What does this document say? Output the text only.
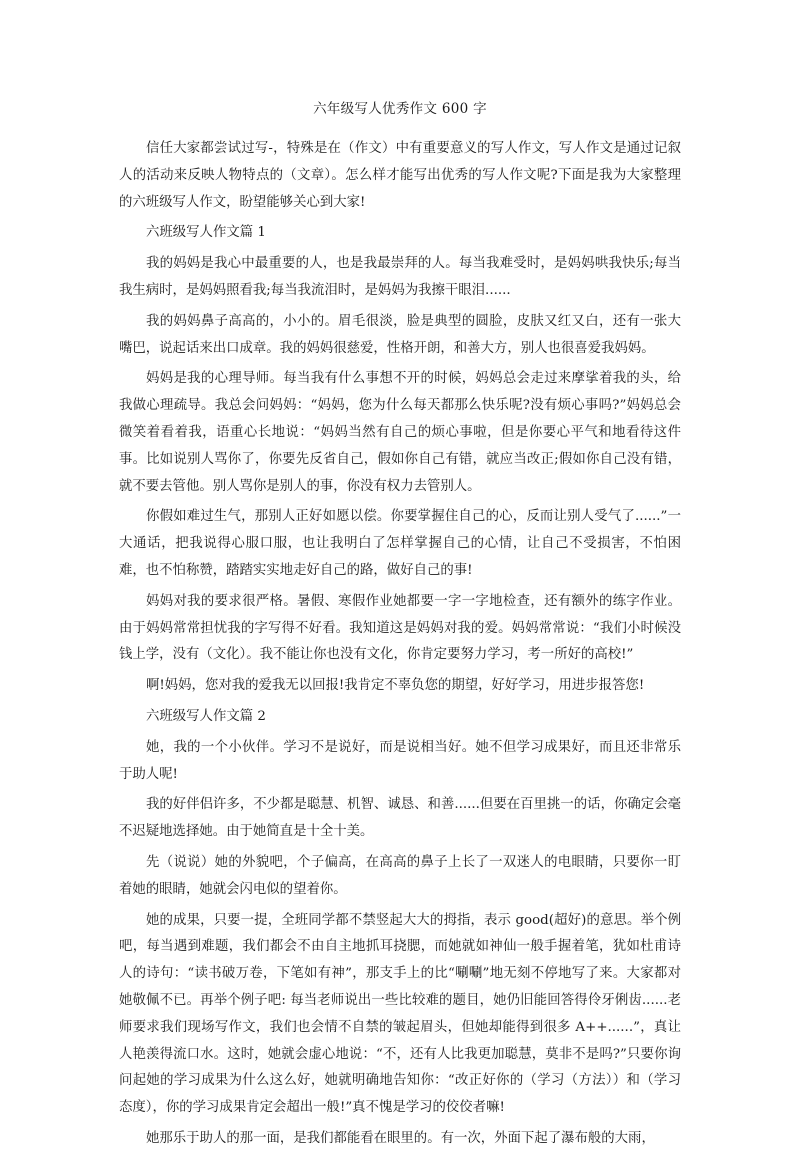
六年级写人优秀作文 600 字

信任大家都尝试过写-，特殊是在（作文）中有重要意义的写人作文，写人作文是通过记叙人的活动来反映人物特点的（文章）。怎么样才能写出优秀的写人作文呢?下面是我为大家整理的六班级写人作文，盼望能够关心到大家!

六班级写人作文篇 1

我的妈妈是我心中最重要的人，也是我最崇拜的人。每当我难受时，是妈妈哄我快乐;每当我生病时，是妈妈照看我;每当我流泪时，是妈妈为我擦干眼泪......

我的妈妈鼻子高高的，小小的。眉毛很淡，脸是典型的圆脸，皮肤又红又白，还有一张大嘴巴，说起话来出口成章。我的妈妈很慈爱，性格开朗，和善大方，别人也很喜爱我妈妈。

妈妈是我的心理导师。每当我有什么事想不开的时候，妈妈总会走过来摩挲着我的头，给我做心理疏导。我总会问妈妈：“妈妈，您为什么每天都那么快乐呢?没有烦心事吗?”妈妈总会微笑着看着我，语重心长地说：“妈妈当然有自己的烦心事啦，但是你要心平气和地看待这件事。比如说别人骂你了，你要先反省自己，假如你自己有错，就应当改正;假如你自己没有错，就不要去管他。别人骂你是别人的事，你没有权力去管别人。

你假如难过生气，那别人正好如愿以偿。你要掌握住自己的心，反而让别人受气了......”一大通话，把我说得心服口服，也让我明白了怎样掌握自己的心情，让自己不受损害，不怕困难，也不怕称赞，踏踏实实地走好自己的路，做好自己的事!

妈妈对我的要求很严格。暑假、寒假作业她都要一字一字地检查，还有额外的练字作业。由于妈妈常常担忧我的字写得不好看。我知道这是妈妈对我的爱。妈妈常常说：“我们小时候没钱上学，没有（文化）。我不能让你也没有文化，你肯定要努力学习，考一所好的高校!”

啊!妈妈，您对我的爱我无以回报!我肯定不辜负您的期望，好好学习，用进步报答您!

六班级写人作文篇 2

她，我的一个小伙伴。学习不是说好，而是说相当好。她不但学习成果好，而且还非常乐于助人呢!

我的好伴侣许多，不少都是聪慧、机智、诚恳、和善......但要在百里挑一的话，你确定会毫不迟疑地选择她。由于她简直是十全十美。

先（说说）她的外貌吧，个子偏高，在高高的鼻子上长了一双迷人的电眼睛，只要你一盯着她的眼睛，她就会闪电似的望着你。

她的成果，只要一提，全班同学都不禁竖起大大的拇指，表示 good(超好)的意思。举个例吧，每当遇到难题，我们都会不由自主地抓耳挠腮，而她就如神仙一般手握着笔，犹如杜甫诗人的诗句：“读书破万卷，下笔如有神”，那支手上的比“唰唰”地无刻不停地写了来。大家都对她敬佩不已。再举个例子吧: 每当老师说出一些比较难的题目，她仍旧能回答得伶牙俐齿......老师要求我们现场写作文，我们也会情不自禁的皱起眉头，但她却能得到很多 A++......”，真让人艳羡得流口水。这时，她就会虚心地说：“不，还有人比我更加聪慧，莫非不是吗?”只要你询问起她的学习成果为什么这么好，她就明确地告知你：“改正好你的（学习（方法））和（学习态度），你的学习成果肯定会超出一般!”真不愧是学习的佼佼者嘛!

她那乐于助人的那一面，是我们都能看在眼里的。有一次，外面下起了瀑布般的大雨，
